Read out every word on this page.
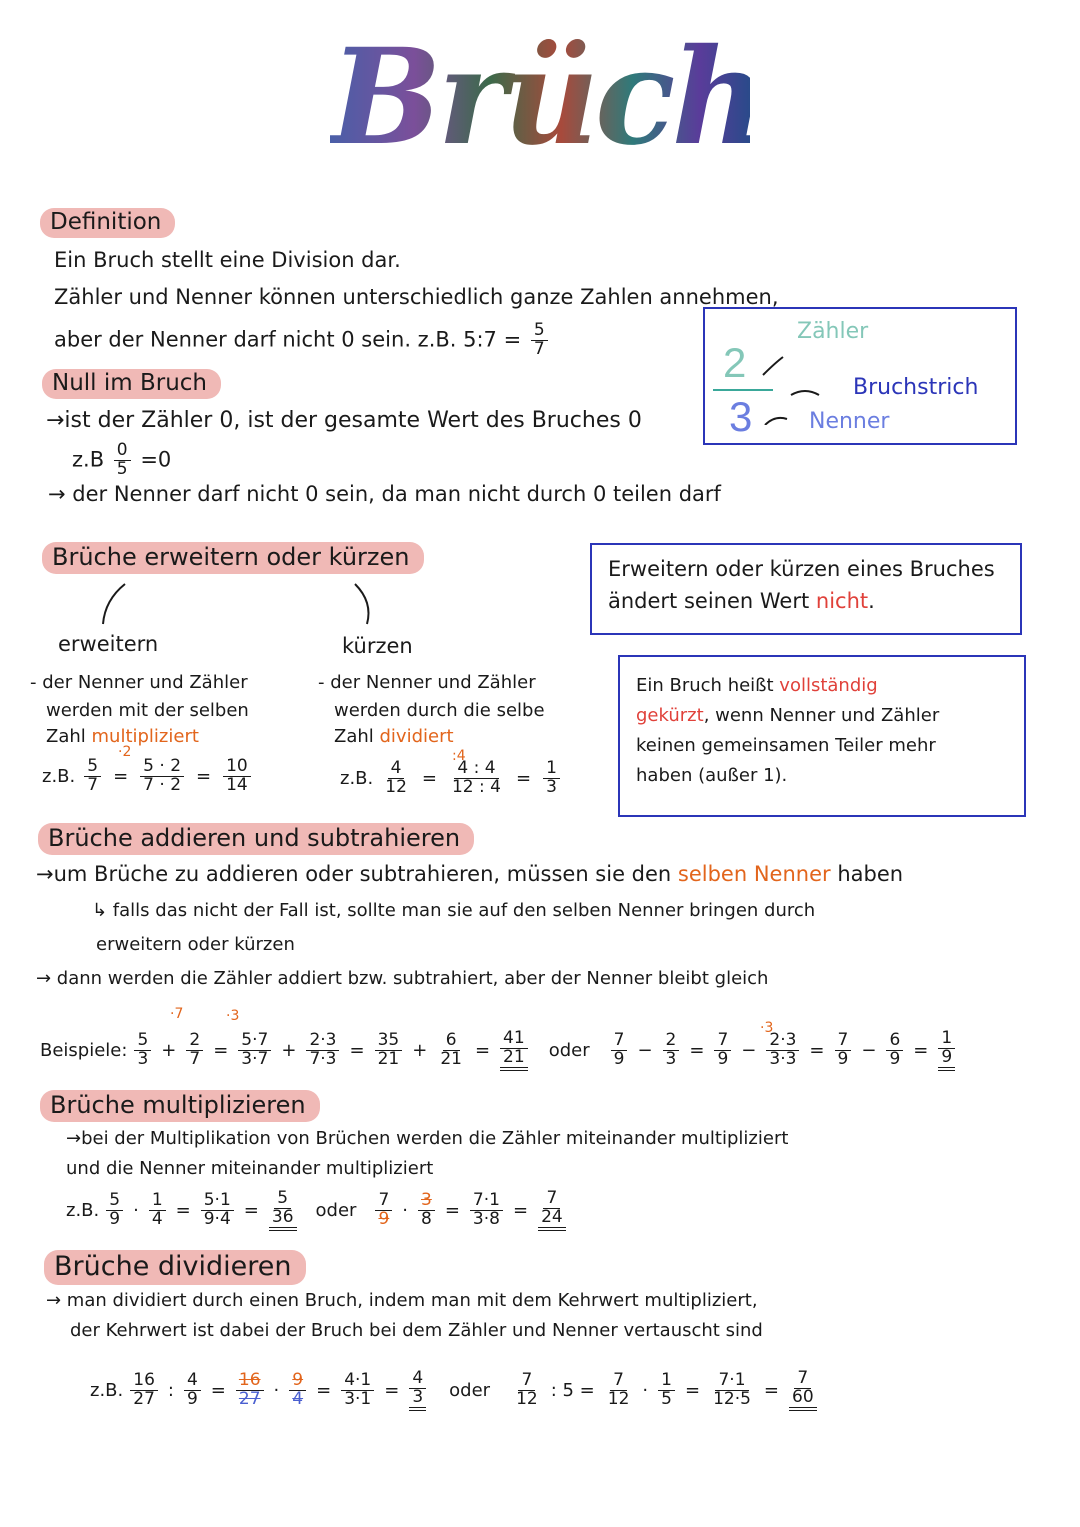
Brüche
Definition
Ein Bruch stellt eine Division dar.
Zähler und Nenner können unterschiedlich ganze Zahlen annehmen,
aber der Nenner darf nicht 0 sein. z.B. 5:7 = $\frac{5}{7}$	2
3
Zähler
Bruchstrich
Nenner
Null im Bruch
→ist der Zähler 0, ist der gesamte Wert des Bruches 0
$z.B \frac{0}{5} =0$
→ der Nenner darf nicht 0 sein, da man nicht durch 0 teilen darf
Brüche erweitern oder kürzen	Erweitern oder kürzen eines Bruches
ändert seinen Wert nicht.
erweitern
- der Nenner und Zähler
werden mit der selben
Zahl multipliziert
·2
z.B. $\frac{5}{7} = \frac{5 \cdot 2}{7 \cdot 2} = \frac{10}{14}$
kürzen
- der Nenner und Zähler
werden durch die selbe
Zahl dividiert
:4
z.B. $\frac{4}{12} = \frac{4 : 4}{12 : 4} = \frac{1}{3}$
Ein Bruch heißt vollständig
gekürzt, wenn Nenner und Zähler
keinen gemeinsamen Teiler mehr
haben (außer 1).
Brüche addieren und subtrahieren
→um Brüche zu addieren oder subtrahieren, müssen sie den selben Nenner haben
↳ falls das nicht der Fall ist, sollte man sie auf den selben Nenner bringen durch
erweitern oder kürzen
→ dann werden die Zähler addiert bzw. subtrahiert, aber der Nenner bleibt gleich
·7	·3
·3
Beispiele: $\frac{5}{3} + \frac{2}{7} = \frac{5\cdot 7}{3\cdot 7} + \frac{2\cdot 3}{7\cdot 3} = \frac{35}{21} + \frac{6}{21} = \frac{41}{21}$ oder $\frac{7}{9} - \frac{2}{3} = \frac{7}{9} - \frac{2\cdot 3}{3\cdot 3} = \frac{7}{9} - \frac{6}{9} = \frac{1}{9}$
Brüche multiplizieren
→bei der Multiplikation von Brüchen werden die Zähler miteinander multipliziert
und die Nenner miteinander multipliziert
z.B. $\frac{5}{9} \cdot \frac{1}{4} = \frac{5\cdot 1}{9\cdot 4} = \frac{5}{36}$ oder $\frac{7}{9} \cdot \frac{3}{8} = \frac{7\cdot 1}{3\cdot 8} = \frac{7}{24}$
Brüche dividieren
→ man dividiert durch einen Bruch, indem man mit dem Kehrwert multipliziert,
der Kehrwert ist dabei der Bruch bei dem Zähler und Nenner vertauscht sind
z.B. $\frac{16}{27}$ : $\frac{4}{9} = \frac{16}{27} \cdot \frac{9}{4} = \frac{4\cdot 1}{3\cdot 1} = \frac{4}{3}$ oder $\frac{7}{12}$ : $5 = \frac{7}{12} \cdot \frac{1}{5} = \frac{7\cdot 1}{12\cdot 5} = \frac{7}{60}$
